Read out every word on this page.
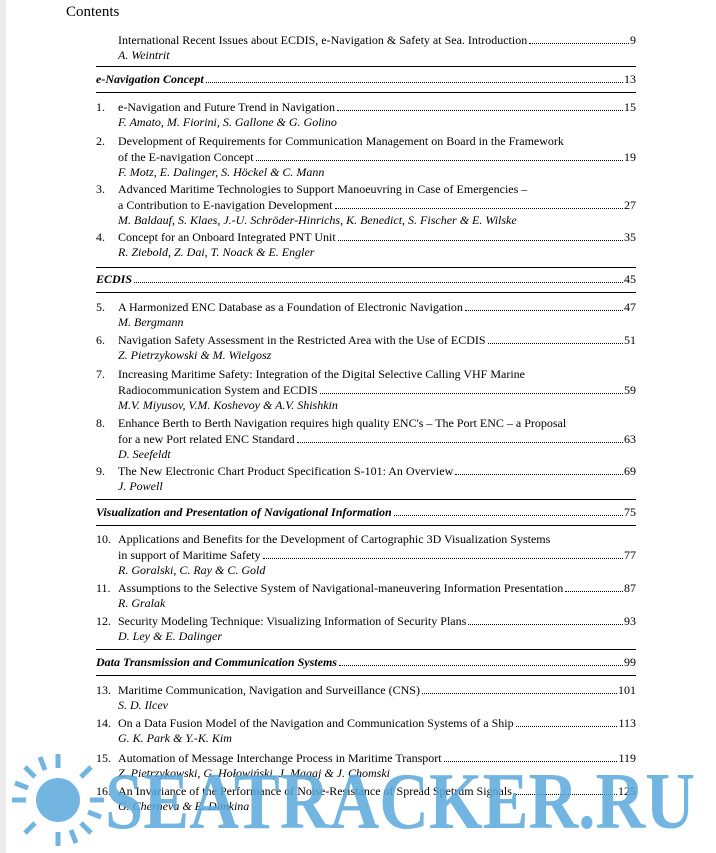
Contents
International Recent Issues about ECDIS, e-Navigation & Safety at Sea. Introduction	9
A. Weintrit
e-Navigation Concept	13
1. e-Navigation and Future Trend in Navigation	15
F. Amato, M. Fiorini, S. Gallone & G. Golino
2. Development of Requirements for Communication Management on Board in the Framework
of the E-navigation Concept	19
F. Motz, E. Dalinger, S. Höckel & C. Mann
3. Advanced Maritime Technologies to Support Manoeuvring in Case of Emergencies –
a Contribution to E-navigation Development	27
M. Baldauf, S. Klaes, J.-U. Schröder-Hinrichs, K. Benedict, S. Fischer & E. Wilske
4. Concept for an Onboard Integrated PNT Unit	35
R. Ziebold, Z. Dai, T. Noack & E. Engler
ECDIS	45
5. A Harmonized ENC Database as a Foundation of Electronic Navigation	47
M. Bergmann
6. Navigation Safety Assessment in the Restricted Area with the Use of ECDIS	51
Z. Pietrzykowski & M. Wielgosz
7. Increasing Maritime Safety: Integration of the Digital Selective Calling VHF Marine
Radiocommunication System and ECDIS	59
M.V. Miyusov, V.M. Koshevoy & A.V. Shishkin
8. Enhance Berth to Berth Navigation requires high quality ENC's – The Port ENC – a Proposal
for a new Port related ENC Standard	63
D. Seefeldt
9. The New Electronic Chart Product Specification S-101: An Overview	69
J. Powell
Visualization and Presentation of Navigational Information	75
10. Applications and Benefits for the Development of Cartographic 3D Visualization Systems
in support of Maritime Safety	77
R. Goralski, C. Ray & C. Gold
11. Assumptions to the Selective System of Navigational-maneuvering Information Presentation	87
R. Gralak
12. Security Modeling Technique: Visualizing Information of Security Plans	93
D. Ley & E. Dalinger
Data Transmission and Communication Systems	99
13. Maritime Communication, Navigation and Surveillance (CNS)	101
S. D. Ilcev
14. On a Data Fusion Model of the Navigation and Communication Systems of a Ship	113
G. K. Park & Y.-K. Kim
15. Automation of Message Interchange Process in Maritime Transport	119
Z. Pietrzykowski, G. Hołowiński, J. Magaj & J. Chomski
16. An Invariance of the Performance of Noise-Resistance of Spread Spetrum Signals	125
G. Cherneva & E. Dimkina
SEATRACKER.RU
